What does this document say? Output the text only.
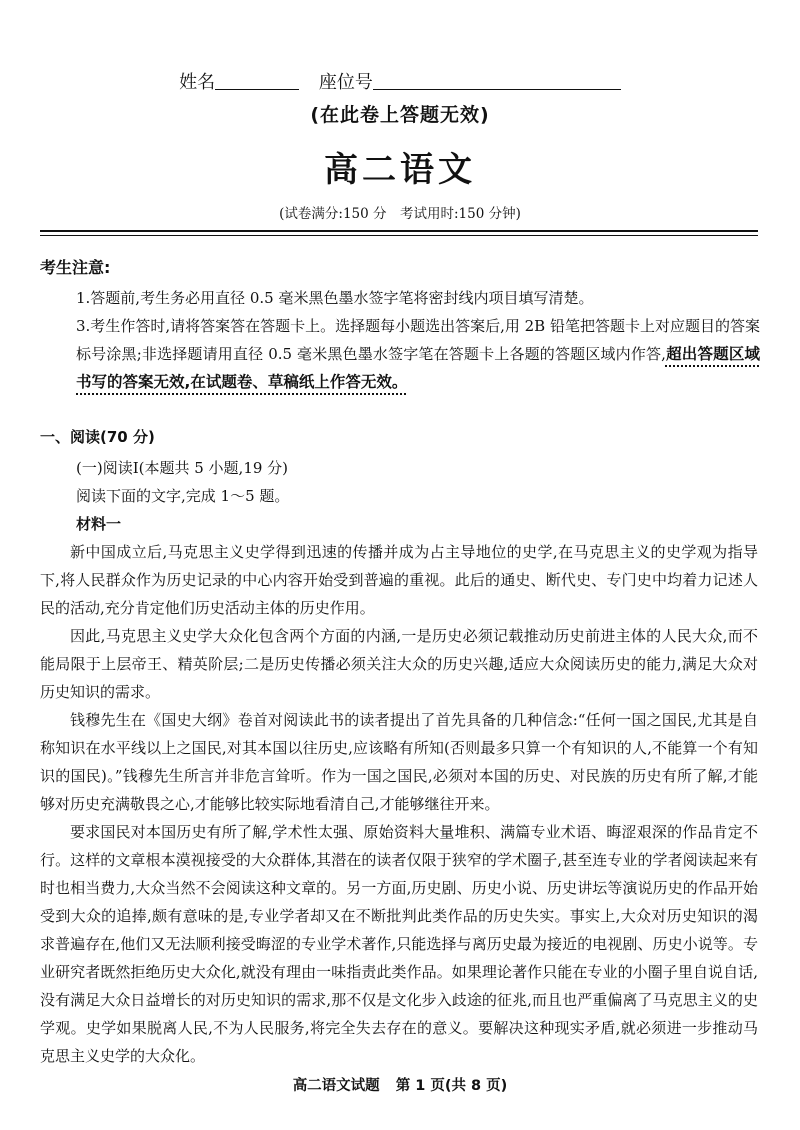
姓名	座位号
(在此卷上答题无效)
高二语文
(试卷满分:150 分　考试用时:150 分钟)
考生注意:
1.答题前,考生务必用直径 0.5 毫米黑色墨水签字笔将密封线内项目填写清楚。
3.考生作答时,请将答案答在答题卡上。选择题每小题选出答案后,用 2B 铅笔把答题卡上对应题目的答案标号涂黑;非选择题请用直径 0.5 毫米黑色墨水签字笔在答题卡上各题的答题区域内作答,超出答题区域书写的答案无效,在试题卷、草稿纸上作答无效。
一、阅读(70 分)
(一)阅读Ⅰ(本题共 5 小题,19 分)
阅读下面的文字,完成 1～5 题。
材料一

新中国成立后,马克思主义史学得到迅速的传播并成为占主导地位的史学,在马克思主义的史学观为指导下,将人民群众作为历史记录的中心内容开始受到普遍的重视。此后的通史、断代史、专门史中均着力记述人民的活动,充分肯定他们历史活动主体的历史作用。

因此,马克思主义史学大众化包含两个方面的内涵,一是历史必须记载推动历史前进主体的人民大众,而不能局限于上层帝王、精英阶层;二是历史传播必须关注大众的历史兴趣,适应大众阅读历史的能力,满足大众对历史知识的需求。

钱穆先生在《国史大纲》卷首对阅读此书的读者提出了首先具备的几种信念:“任何一国之国民,尤其是自称知识在水平线以上之国民,对其本国以往历史,应该略有所知(否则最多只算一个有知识的人,不能算一个有知识的国民)。”钱穆先生所言并非危言耸听。作为一国之国民,必须对本国的历史、对民族的历史有所了解,才能够对历史充满敬畏之心,才能够比较实际地看清自己,才能够继往开来。

要求国民对本国历史有所了解,学术性太强、原始资料大量堆积、满篇专业术语、晦涩艰深的作品肯定不行。这样的文章根本漠视接受的大众群体,其潜在的读者仅限于狭窄的学术圈子,甚至连专业的学者阅读起来有时也相当费力,大众当然不会阅读这种文章的。另一方面,历史剧、历史小说、历史讲坛等演说历史的作品开始受到大众的追捧,颇有意味的是,专业学者却又在不断批判此类作品的历史失实。事实上,大众对历史知识的渴求普遍存在,他们又无法顺利接受晦涩的专业学术著作,只能选择与离历史最为接近的电视剧、历史小说等。专业研究者既然拒绝历史大众化,就没有理由一味指责此类作品。如果理论著作只能在专业的小圈子里自说自话,没有满足大众日益增长的对历史知识的需求,那不仅是文化步入歧途的征兆,而且也严重偏离了马克思主义的史学观。史学如果脱离人民,不为人民服务,将完全失去存在的意义。要解决这种现实矛盾,就必须进一步推动马克思主义史学的大众化。

高二语文试题 第 1 页(共 8 页)
